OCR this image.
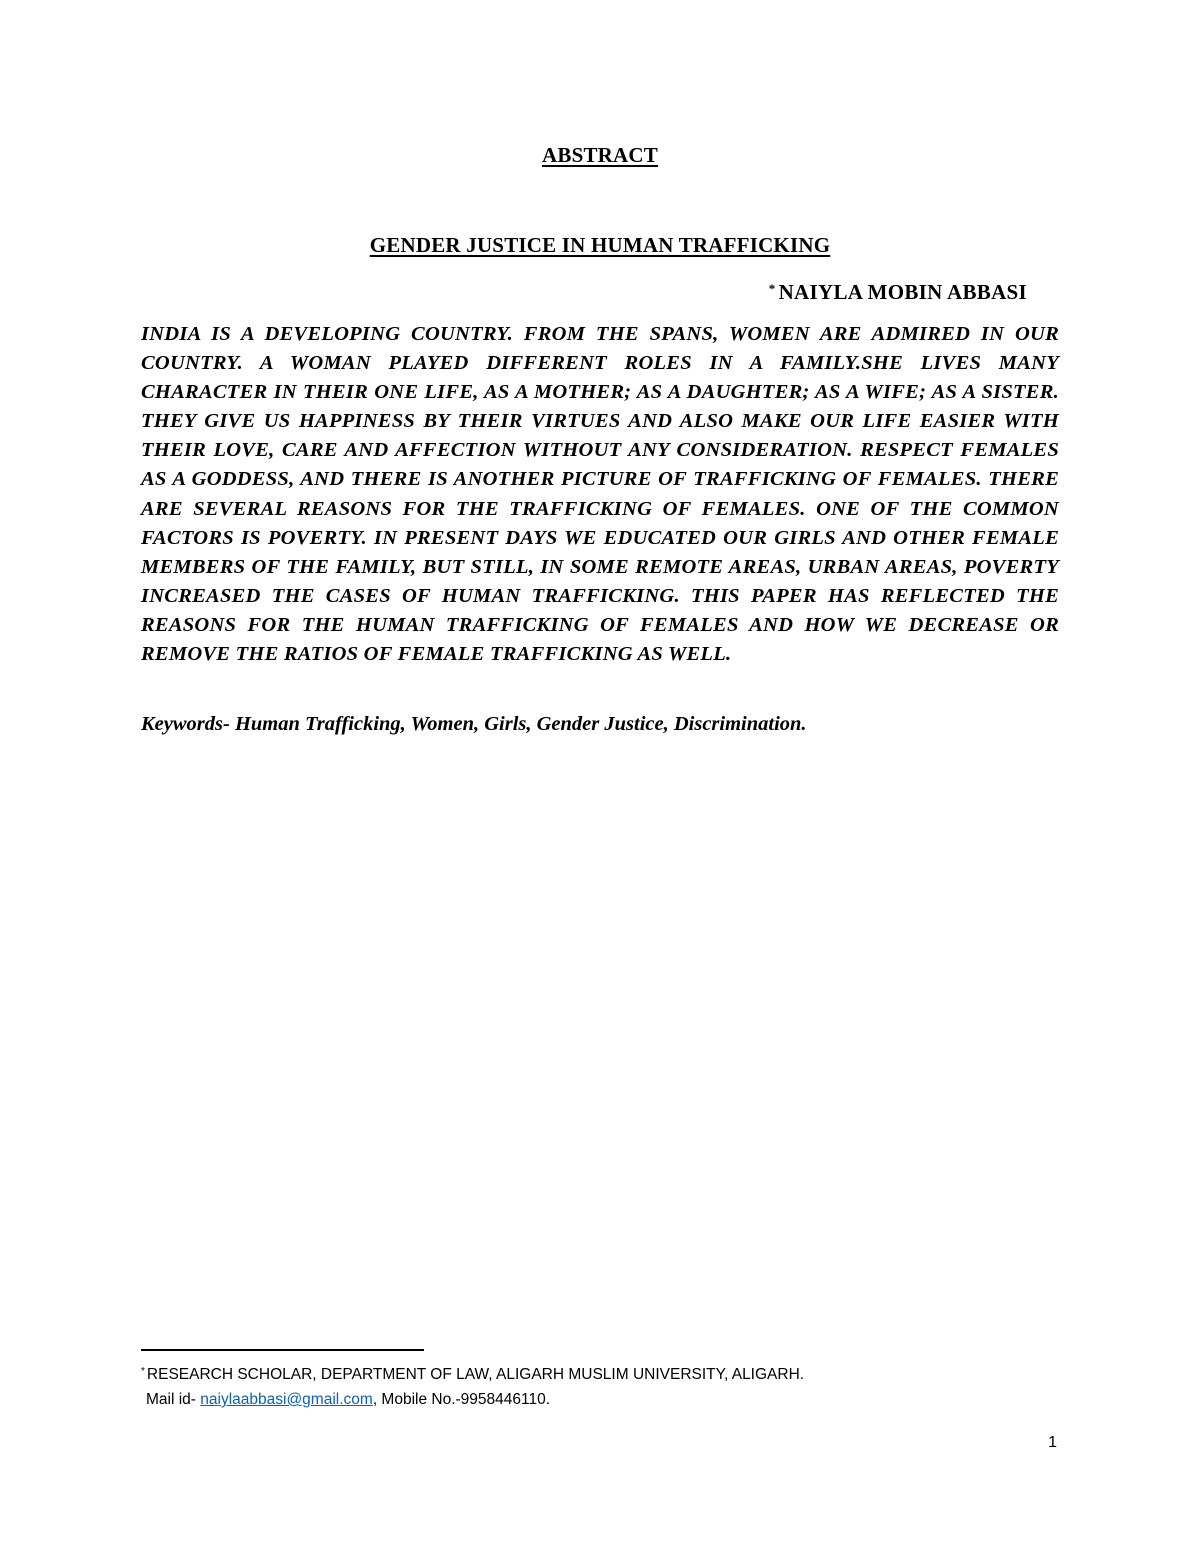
ABSTRACT
GENDER JUSTICE IN HUMAN TRAFFICKING
* NAIYLA MOBIN ABBASI

INDIA IS A DEVELOPING COUNTRY. FROM THE SPANS, WOMEN ARE ADMIRED IN OUR COUNTRY. A WOMAN PLAYED DIFFERENT ROLES IN A FAMILY.SHE LIVES MANY CHARACTER IN THEIR ONE LIFE, AS A MOTHER; AS A DAUGHTER; AS A WIFE; AS A SISTER. THEY GIVE US HAPPINESS BY THEIR VIRTUES AND ALSO MAKE OUR LIFE EASIER WITH THEIR LOVE, CARE AND AFFECTION WITHOUT ANY CONSIDERATION. RESPECT FEMALES AS A GODDESS, AND THERE IS ANOTHER PICTURE OF TRAFFICKING OF FEMALES. THERE ARE SEVERAL REASONS FOR THE TRAFFICKING OF FEMALES. ONE OF THE COMMON FACTORS IS POVERTY. IN PRESENT DAYS WE EDUCATED OUR GIRLS AND OTHER FEMALE MEMBERS OF THE FAMILY, BUT STILL, IN SOME REMOTE AREAS, URBAN AREAS, POVERTY INCREASED THE CASES OF HUMAN TRAFFICKING. THIS PAPER HAS REFLECTED THE REASONS FOR THE HUMAN TRAFFICKING OF FEMALES AND HOW WE DECREASE OR REMOVE THE RATIOS OF FEMALE TRAFFICKING AS WELL.

Keywords- Human Trafficking, Women, Girls, Gender Justice, Discrimination.

* RESEARCH SCHOLAR, DEPARTMENT OF LAW, ALIGARH MUSLIM UNIVERSITY, ALIGARH.

Mail id- naiylaabbasi@gmail.com, Mobile No.-9958446110.

1
